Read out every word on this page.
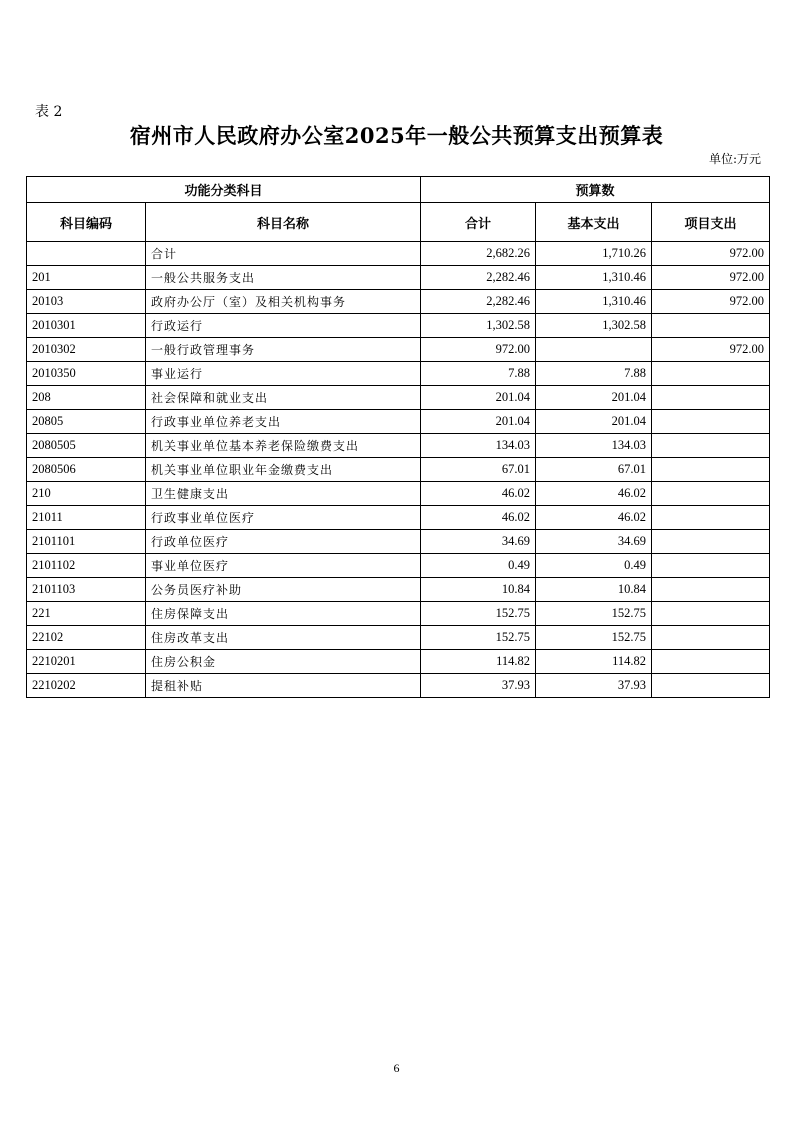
表 2
宿州市人民政府办公室2025年一般公共预算支出预算表
单位:万元
功能分类科目		预算数		
科目编码	科目名称	合计	基本支出	项目支出
	合计	2,682.26	1,710.26	972.00
201	一般公共服务支出	2,282.46	1,310.46	972.00
20103	政府办公厅（室）及相关机构事务	2,282.46	1,310.46	972.00
2010301	行政运行	1,302.58	1,302.58	
2010302	一般行政管理事务	972.00		972.00
2010350	事业运行	7.88	7.88	
208	社会保障和就业支出	201.04	201.04	
20805	行政事业单位养老支出	201.04	201.04	
2080505	机关事业单位基本养老保险缴费支出	134.03	134.03	
2080506	机关事业单位职业年金缴费支出	67.01	67.01	
210	卫生健康支出	46.02	46.02	
21011	行政事业单位医疗	46.02	46.02	
2101101	行政单位医疗	34.69	34.69	
2101102	事业单位医疗	0.49	0.49	
2101103	公务员医疗补助	10.84	10.84	
221	住房保障支出	152.75	152.75	
22102	住房改革支出	152.75	152.75	
2210201	住房公积金	114.82	114.82	
2210202	提租补贴	37.93	37.93	
6
